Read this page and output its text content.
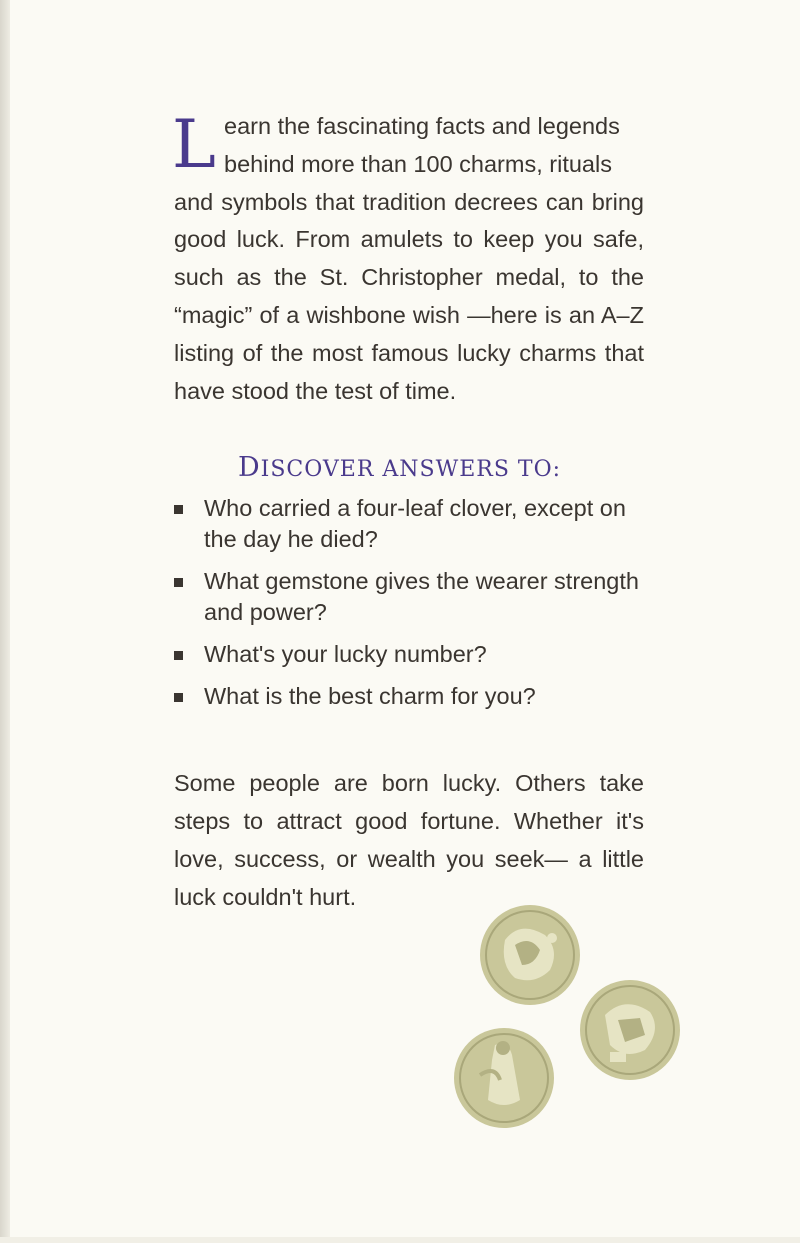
L earn the fascinating facts and legends
behind more than 100 charms, rituals
and symbols that tradition decrees can bring good luck. From amulets to keep you safe, such as the St. Christopher medal, to the “magic” of a wishbone wish —here is an A–Z listing of the most famous lucky charms that have stood the test of time.

DISCOVER ANSWERS TO:
Who carried a four-leaf clover, except on the day he died?
What gemstone gives the wearer strength and power?
What's your lucky number?
What is the best charm for you?

Some people are born lucky. Others take steps to attract good fortune. Whether it's love, success, or wealth you seek— a little luck couldn't hurt.
